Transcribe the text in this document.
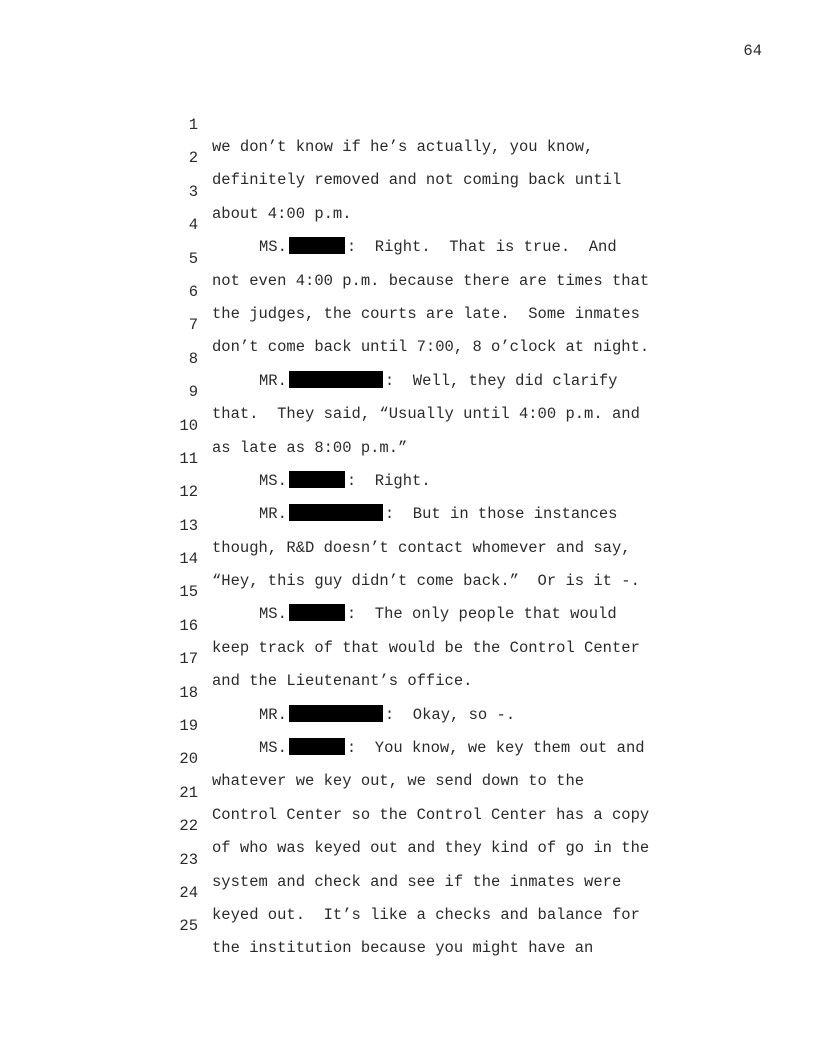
64

1

we don’t know if he’s actually, you know,

2

definitely removed and not coming back until

3

about 4:00 p.m.

4

MS.	:  Right.  That is true.  And

5

not even 4:00 p.m. because there are times that

6

the judges, the courts are late.  Some inmates

7

don’t come back until 7:00, 8 o’clock at night.

8

MR.	:  Well, they did clarify

9

that.  They said, “Usually until 4:00 p.m. and

10

as late as 8:00 p.m.”

11

MS.	:  Right.

12

MR.	:  But in those instances

13

though, R&D doesn’t contact whomever and say,

14

“Hey, this guy didn’t come back.”  Or is it -.

15

MS.	:  The only people that would

16

keep track of that would be the Control Center

17

and the Lieutenant’s office.

18

MR.	:  Okay, so -.

19

MS.	:  You know, we key them out and

20

whatever we key out, we send down to the

21

Control Center so the Control Center has a copy

22

of who was keyed out and they kind of go in the

23

system and check and see if the inmates were

24

keyed out.  It’s like a checks and balance for

25

the institution because you might have an
